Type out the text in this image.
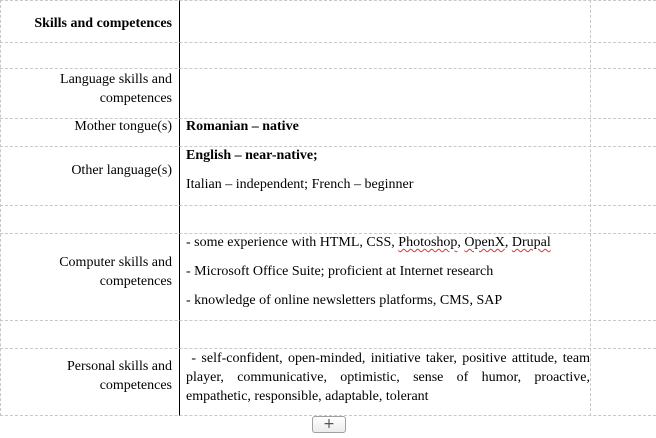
Skills and competences
Language skills and competences
Mother tongue(s)
Other language(s)
Computer skills and competences
Personal skills and competences
Romanian – native
English – near-native;
Italian – independent; French – beginner
- some experience with HTML, CSS, Photoshop, OpenX, Drupal
- Microsoft Office Suite; proficient at Internet research
- knowledge of online newsletters platforms, CMS, SAP
- self-confident, open-minded, initiative taker, positive attitude, team player, communicative, optimistic, sense of humor, proactive, empathetic, responsible, adaptable, tolerant
+
